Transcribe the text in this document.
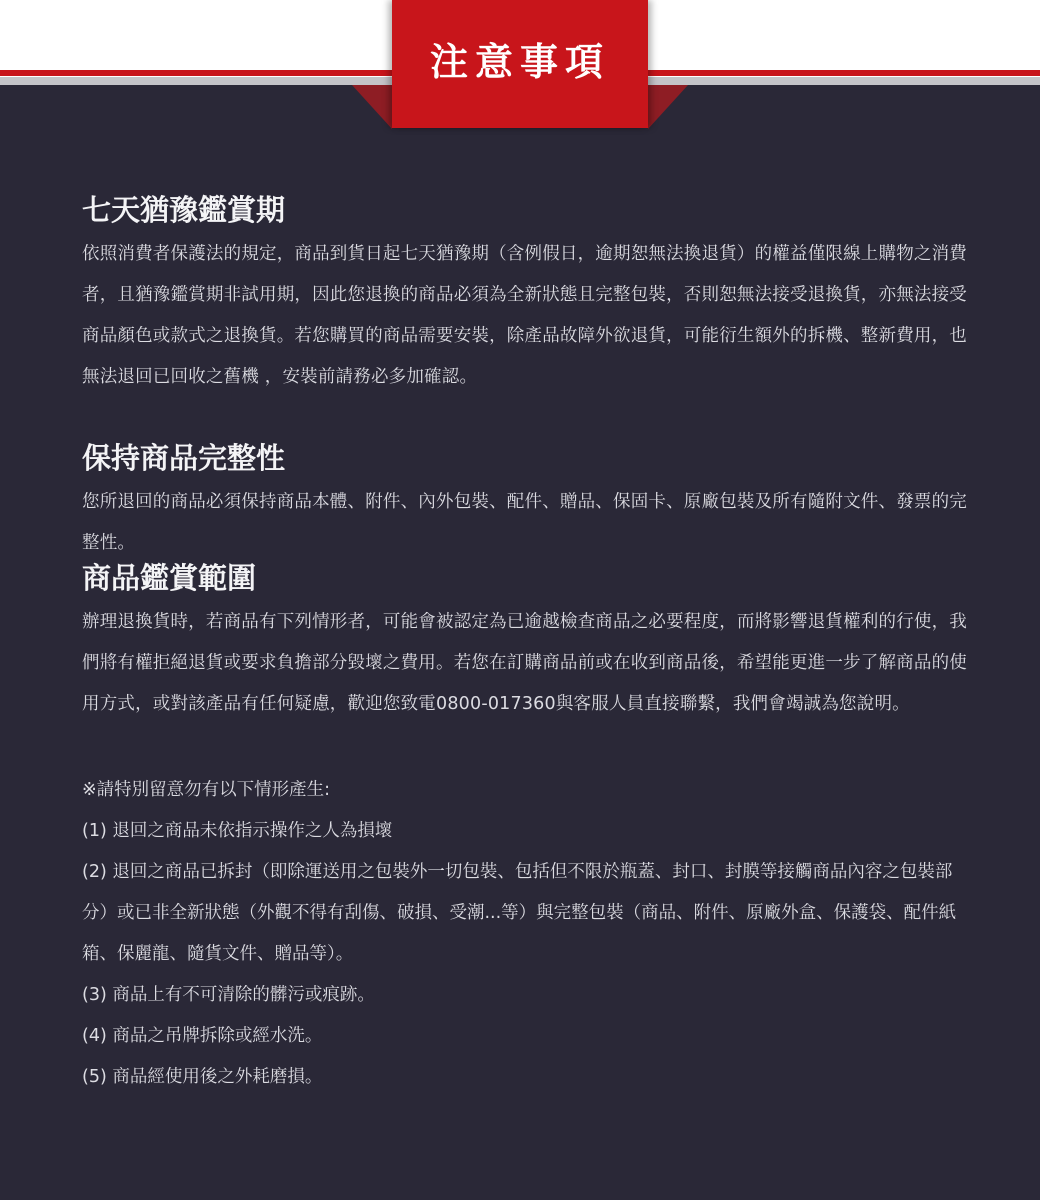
注意事項
七天猶豫鑑賞期

依照消費者保護法的規定，商品到貨日起七天猶豫期（含例假日，逾期恕無法換退貨）的權益僅限線上購物之消費者，且猶豫鑑賞期非試用期，因此您退換的商品必須為全新狀態且完整包裝，否則恕無法接受退換貨，亦無法接受商品顏色或款式之退換貨。若您購買的商品需要安裝，除產品故障外欲退貨，可能衍生額外的拆機、整新費用，也無法退回已回收之舊機 ，安裝前請務必多加確認。

保持商品完整性

您所退回的商品必須保持商品本體、附件、內外包裝、配件、贈品、保固卡、原廠包裝及所有隨附文件、發票的完整性。

商品鑑賞範圍

辦理退換貨時，若商品有下列情形者，可能會被認定為已逾越檢查商品之必要程度，而將影響退貨權利的行使，我們將有權拒絕退貨或要求負擔部分毀壞之費用。若您在訂購商品前或在收到商品後，希望能更進一步了解商品的使用方式，或對該產品有任何疑慮，歡迎您致電0800-017360與客服人員直接聯繫，我們會竭誠為您說明。

※請特別留意勿有以下情形產生:

(1) 退回之商品未依指示操作之人為損壞

(2) 退回之商品已拆封（即除運送用之包裝外一切包裝、包括但不限於瓶蓋、封口、封膜等接觸商品內容之包裝部分）或已非全新狀態（外觀不得有刮傷、破損、受潮...等）與完整包裝（商品、附件、原廠外盒、保護袋、配件紙箱、保麗龍、隨貨文件、贈品等）。

(3) 商品上有不可清除的髒污或痕跡。

(4) 商品之吊牌拆除或經水洗。

(5) 商品經使用後之外耗磨損。
